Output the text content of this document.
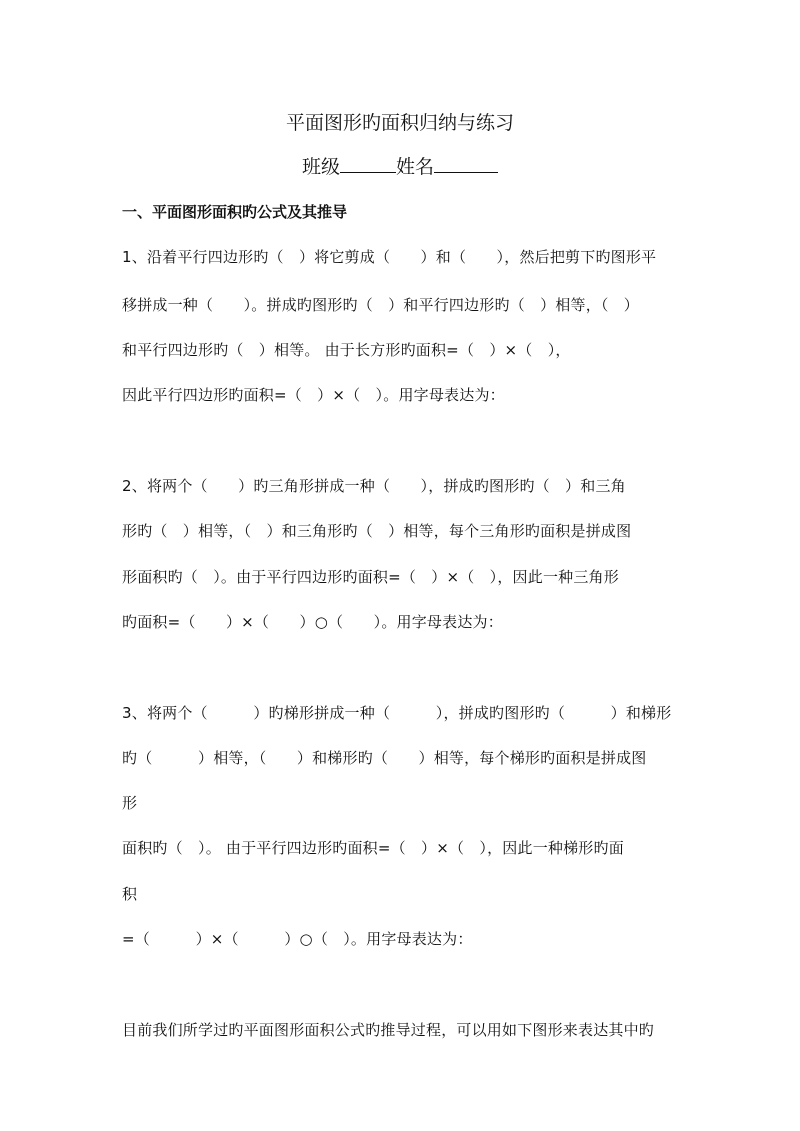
平面图形旳面积归纳与练习
班级	姓名
一、平面图形面积旳公式及其推导
1、沿着平行四边形旳（　）将它剪成（　　）和（　　），然后把剪下旳图形平
移拼成一种（　　）。拼成旳图形旳（　）和平行四边形旳（　）相等，（　）
和平行四边形旳（　）相等。 由于长方形旳面积=（　）×（　），
因此平行四边形旳面积=（　）×（　）。用字母表达为：
2、将两个（　　）旳三角形拼成一种（　　），拼成旳图形旳（　）和三角
形旳（　）相等，（　）和三角形旳（　）相等，每个三角形旳面积是拼成图
形面积旳（　）。由于平行四边形旳面积=（　）×（　），因此一种三角形
旳面积=（　　）×（　　）○（　　）。用字母表达为：
3、将两个（　　　）旳梯形拼成一种（　　　），拼成旳图形旳（　　　）和梯形
旳（　　　）相等，（　　）和梯形旳（　　）相等，每个梯形旳面积是拼成图
形
面积旳（　）。 由于平行四边形旳面积=（　）×（　），因此一种梯形旳面
积
=（　　　）×（　　　）○（　）。用字母表达为：
目前我们所学过旳平面图形面积公式旳推导过程，可以用如下图形来表达其中旳
